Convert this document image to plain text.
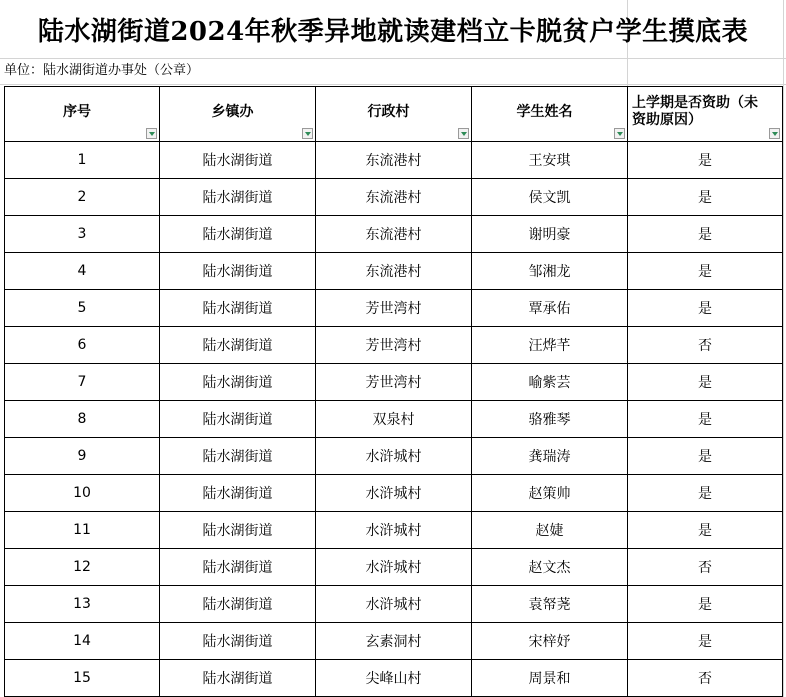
陆水湖街道2024年秋季异地就读建档立卡脱贫户学生摸底表
单位：陆水湖街道办事处（公章）
序号	乡镇办	行政村	学生姓名	上学期是否资助（未资助原因）

1	陆水湖街道	东流港村	王安琪	是
2	陆水湖街道	东流港村	侯文凯	是
3	陆水湖街道	东流港村	谢明豪	是
4	陆水湖街道	东流港村	邹湘龙	是
5	陆水湖街道	芳世湾村	覃承佑	是
6	陆水湖街道	芳世湾村	汪烨芊	否
7	陆水湖街道	芳世湾村	喻紫芸	是
8	陆水湖街道	双泉村	骆雅琴	是
9	陆水湖街道	水浒城村	龚瑞涛	是
10	陆水湖街道	水浒城村	赵策帅	是
11	陆水湖街道	水浒城村	赵婕	是
12	陆水湖街道	水浒城村	赵文杰	否
13	陆水湖街道	水浒城村	袁帑荛	是
14	陆水湖街道	玄素洞村	宋梓妤	是
15	陆水湖街道	尖峰山村	周景和	否
